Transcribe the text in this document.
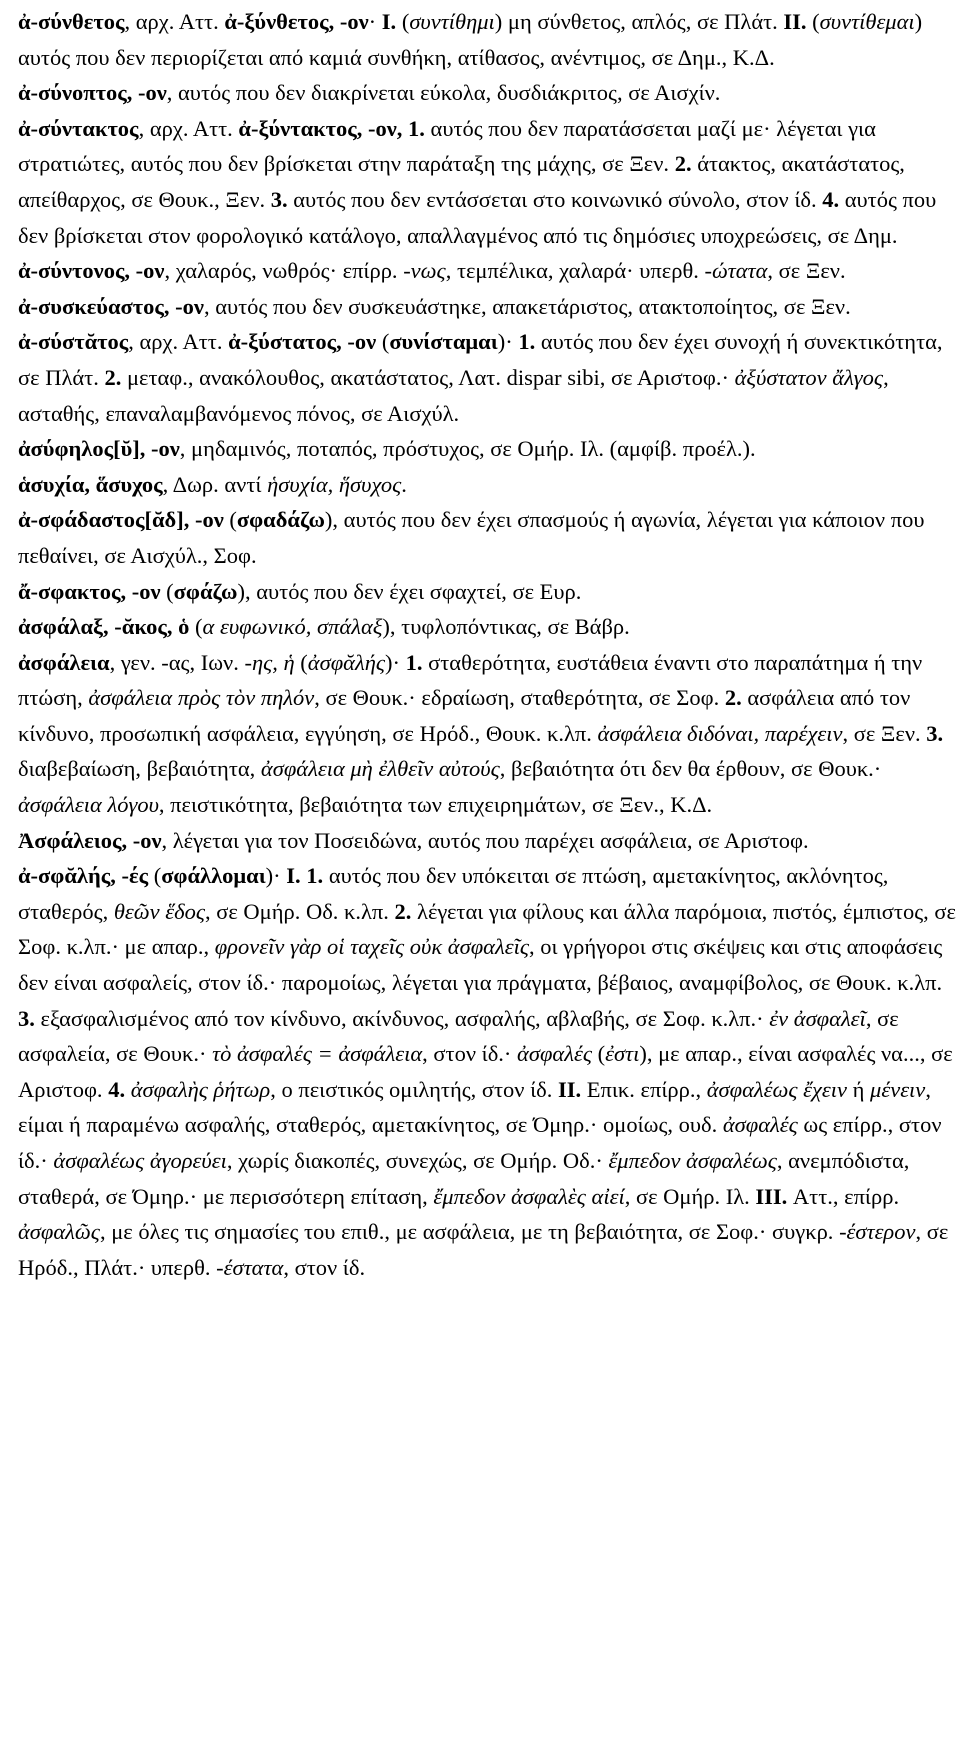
ἀ-σύνθετος, αρχ. Αττ. ἀ-ξύνθετος, -ον· I. (συντίθημι) μη σύνθετος, απλός, σε Πλάτ. II. (συντίθεμαι) αυτός που δεν περιορίζεται από καμιά συνθήκη, ατίθασος, ανένтιμος, σε Δημ., Κ.Δ.

ἀ-σύνοπτος, -ον, αυτός που δεν διακρίνεται εύκολα, δυσδιάκριτος, σε Αισχίν.

ἀ-σύντακτος, αρχ. Αττ. ἀ-ξύντακτος, -ον, 1. αυτός που δεν παρατάσσεται μαζί με· λέγεται για στρατιώτες, αυτός που δεν βρίσκεται στην παράταξη της μάχης, σε Ξεν. 2. άτακτος, ακατάστατος, απείθαρχος, σε Θουκ., Ξεν. 3. αυτός που δεν εντάσσεται στο κοινωνικό σύνολο, στον ίδ. 4. αυτός που δεν βρίσκεται στον φορολογικό κατάλογο, απαλλαγμένος από τις δημόσιες υποχρεώσεις, σε Δημ.

ἀ-σύντονος, -ον, χαλαρός, νωθρός· επίρρ. -νως, τεμπέλικα, χαλαρά· υπερθ. -ώτατα, σε Ξεν.

ἀ-συσκεύαστος, -ον, αυτός που δεν συσκευάστηκε, απακετάριστος, ατακτοποίητος, σε Ξεν.

ἀ-σύστᾰτος, αρχ. Αττ. ἀ-ξύστατος, -ον (συνίσταμαι)· 1. αυτός που δεν έχει συνοχή ή συνεκτικότητα, σε Πλάτ. 2. μεταφ., ανακόλουθος, ακατάστατος, Λατ. dispar sibi, σε Αριστοφ.· ἀξύστατον ἄλγος, ασταθής, επαναλαμβανόμενος πόνος, σε Αισχύλ.

ἀσύφηλος[ῠ], -ον, μηδαμινός, ποταπός, πρόστυχος, σε Ομήρ. Ιλ. (αμφίβ. προέλ.).

ἁσυχία, ἅσυχος, Δωρ. αντί ἡσυχία, ἥσυχος.

ἀ-σφάδαστος[ᾰδ], -ον (σφαδάζω), αυτός που δεν έχει σπασμούς ή αγωνία, λέγεται για κάποιον που πεθαίνει, σε Αισχύλ., Σοφ.

ἄ-σφακτος, -ον (σφάζω), αυτός που δεν έχει σφαχτεί, σε Ευρ.

ἀσφάλαξ, -ᾰκος, ὁ (α ευφωνικό, σπάλαξ), τυφλοπόντικας, σε Βάβρ.

ἀσφάλεια, γεν. -ας, Ιων. -ης, ἡ (ἀσφᾰλής)· 1. σταθερότητα, ευστάθεια έναντι στο παραπάτημα ή την πτώση, ἀσφάλεια πρὸς τὸν πηλόν, σε Θουκ.· εδραίωση, σταθερότητα, σε Σοφ. 2. ασφάλεια από τον κίνδυνο, προσωπική ασφάλεια, εγγύηση, σε Ηρόδ., Θουκ. κ.λπ. ἀσφάλεια διδόναι, παρέχειν, σε Ξεν. 3. διαβεβαίωση, βεβαιότητα, ἀσφάλεια μὴ ἐλθεῖν αὐτούς, βεβαιότητα ότι δεν θα έρθουν, σε Θουκ.· ἀσφάλεια λόγου, πειστικότητα, βεβαιότητα των επιχειρημάτων, σε Ξεν., Κ.Δ.

Ἀσφάλειος, -ον, λέγεται για τον Ποσειδώνα, αυτός που παρέχει ασφάλεια, σε Αριστοφ.

ἀ-σφᾰλής, -ές (σφάλλομαι)· I. 1. αυτός που δεν υπόκειται σε πτώση, αμετακίνητος, ακλόνητος, σταθερός, θεῶν ἕδος, σε Ομήρ. Οδ. κ.λπ. 2. λέγεται για φίλους και άλλα παρόμοια, πιστός, έμπιστος, σε Σοφ. κ.λπ.· με απαρ., φρονεῖν γὰρ οἱ ταχεῖς οὐκ ἀσφαλεῖς, οι γρήγοροι στις σκέψεις και στις αποφάσεις δεν είναι ασφαλείς, στον ίδ.· παρομοίως, λέγεται για πράγματα, βέβαιος, αναμφίβολος, σε Θουκ. κ.λπ. 3. εξασφαλισμένος από τον κίνδυνο, ακίνδυνος, ασφαλής, αβλαβής, σε Σοφ. κ.λπ.· ἐν ἀσφαλεῖ, σε ασφαλεία, σε Θουκ.· τὸ ἀσφαλές = ἀσφάλεια, στον ίδ.· ἀσφαλές (ἐστι), με απαρ., είναι ασφαλές να..., σε Αριστοφ. 4. ἀσφαλὴς ῥήτωρ, ο πειστικός ομιλητής, στον ίδ. II. Επικ. επίρρ., ἀσφαλέως ἔχειν ή μένειν, είμαι ή παραμένω ασφαλής, σταθερός, αμετακίνητος, σε Όμηρ.· ομοίως, ουδ. ἀσφαλές ως επίρρ., στον ίδ.· ἀσφαλέως ἀγορεύει, χωρίς διακοπές, συνεχώς, σε Ομήρ. Οδ.· ἔμπεδον ἀσφαλέως, ανεμπόδιστα, σταθερά, σε Όμηρ.· με περισσότερη επίταση, ἔμπεδον ἀσφαλὲς αἰεί, σε Ομήρ. Ιλ. III. Αττ., επίρρ. ἀσφαλῶς, με όλες τις σημασίες του επιθ., με ασφάλεια, με τη βεβαιότητα, σε Σοφ.· συγκρ. -έστερον, σε Ηρόδ., Πλάτ.· υπερθ. -έστατα, στον ίδ.
